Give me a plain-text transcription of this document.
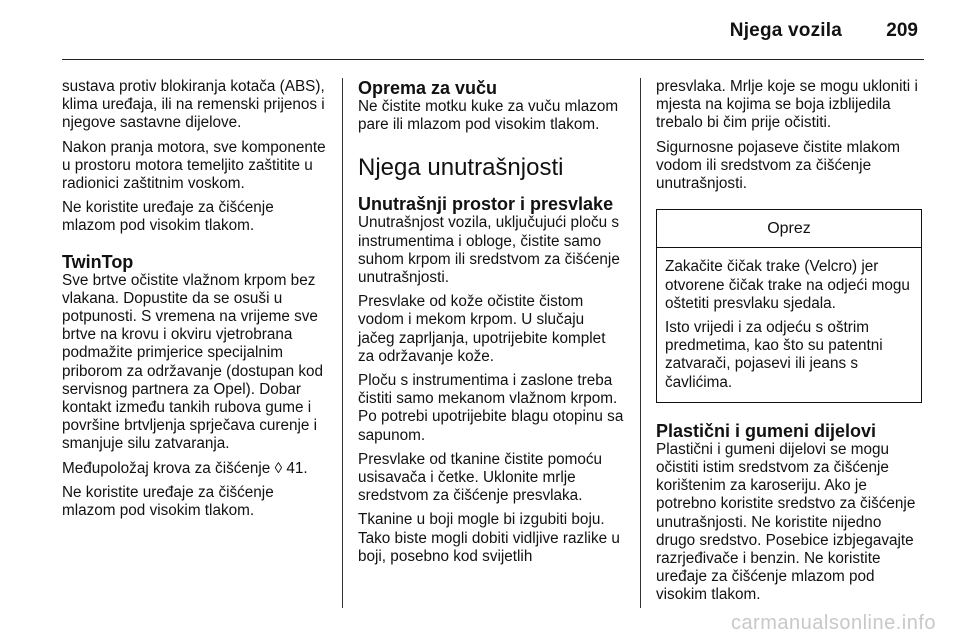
Njega vozila 209

sustava protiv blokiranja kotača (ABS), klima uređaja, ili na remenski prijenos i njegove sastavne dijelove.

Nakon pranja motora, sve komponente u prostoru motora temeljito zaštitite u radionici zaštitnim voskom.

Ne koristite uređaje za čišćenje mlazom pod visokim tlakom.

TwinTop

Sve brtve očistite vlažnom krpom bez vlakana. Dopustite da se osuši u potpunosti. S vremena na vrijeme sve brtve na krovu i okviru vjetrobrana podmažite primjerice specijalnim priborom za održavanje (dostupan kod servisnog partnera za Opel). Dobar kontakt između tankih rubova gume i površine brtvljenja sprječava curenje i smanjuje silu zatvaranja.

Međupoložaj krova za čišćenje ◊ 41.

Ne koristite uređaje za čišćenje mlazom pod visokim tlakom.

Oprema za vuču

Ne čistite motku kuke za vuču mlazom pare ili mlazom pod visokim tlakom.

Njega unutrašnjosti
Unutrašnji prostor i presvlake

Unutrašnjost vozila, uključujući ploču s instrumentima i obloge, čistite samo suhom krpom ili sredstvom za čišćenje unutrašnjosti.

Presvlake od kože očistite čistom vodom i mekom krpom. U slučaju jačeg zaprljanja, upotrijebite komplet za održavanje kože.

Ploču s instrumentima i zaslone treba čistiti samo mekanom vlažnom krpom. Po potrebi upotrijebite blagu otopinu sa sapunom.

Presvlake od tkanine čistite pomoću usisavača i četke. Uklonite mrlje sredstvom za čišćenje presvlaka.

Tkanine u boji mogle bi izgubiti boju. Tako biste mogli dobiti vidljive razlike u boji, posebno kod svijetlih

presvlaka. Mrlje koje se mogu ukloniti i mjesta na kojima se boja izblijedila trebalo bi čim prije očistiti.

Sigurnosne pojaseve čistite mlakom vodom ili sredstvom za čišćenje unutrašnjosti.

Oprez

Zakačite čičak trake (Velcro) jer otvorene čičak trake na odjeći mogu oštetiti presvlaku sjedala.

Isto vrijedi i za odjeću s oštrim predmetima, kao što su patentni zatvarači, pojasevi ili jeans s čavlićima.

Plastični i gumeni dijelovi

Plastični i gumeni dijelovi se mogu očistiti istim sredstvom za čišćenje korištenim za karoseriju. Ako je potrebno koristite sredstvo za čišćenje unutrašnjosti. Ne koristite nijedno drugo sredstvo. Posebice izbjegavajte razrjeđivače i benzin. Ne koristite uređaje za čišćenje mlazom pod visokim tlakom.

carmanualsonline.info
